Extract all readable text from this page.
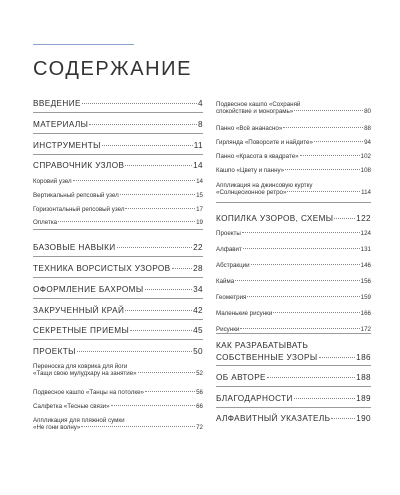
СОДЕРЖАНИЕ
ВВЕДЕНИЕ	4
МАТЕРИАЛЫ	8
ИНСТРУМЕНТЫ	11
СПРАВОЧНИК УЗЛОВ	14
Коровий узел	14
Вертикальный репсовый узел	15
Горизонтальный репсовый узел	17
Оплетка	19
БАЗОВЫЕ НАВЫКИ	22
ТЕХНИКА ВОРСИСТЫХ УЗОРОВ	28
ОФОРМЛЕНИЕ БАХРОМЫ	34
ЗАКРУЧЕННЫЙ КРАЙ	42
СЕКРЕТНЫЕ ПРИЕМЫ	45
ПРОЕКТЫ	50
Переноска для коврика для йоги
«Тащи свою мулудхару на занятие»	52
Подвесное кашпо «Танцы на потолке»	56
Салфетка «Тесные связи»	66
Аппликация для пляжной сумки
«Не гони волну»	72
Подвесное кашпо «Сохраняй
спокойствие и монограмь»	80
Панно «Всё ананасно»	88
Гирлянда «Поворсите и найдите»	94
Панно «Красота в квадрате»	102
Кашпо «Цвету и панну»	108
Аппликация на джинсовую куртку
«Солнцесионное ретро»	114
КОПИЛКА УЗОРОВ, СХЕМЫ	122
Проекты	124
Алфавит	131
Абстракции	146
Кайма	156
Геометрия	159
Маленькие рисунки	166
Рисунки	172
КАК РАЗРАБАТЫВАТЬ
СОБСТВЕННЫЕ УЗОРЫ	186
ОБ АВТОРЕ	188
БЛАГОДАРНОСТИ	189
АЛФАВИТНЫЙ УКАЗАТЕЛЬ	190
